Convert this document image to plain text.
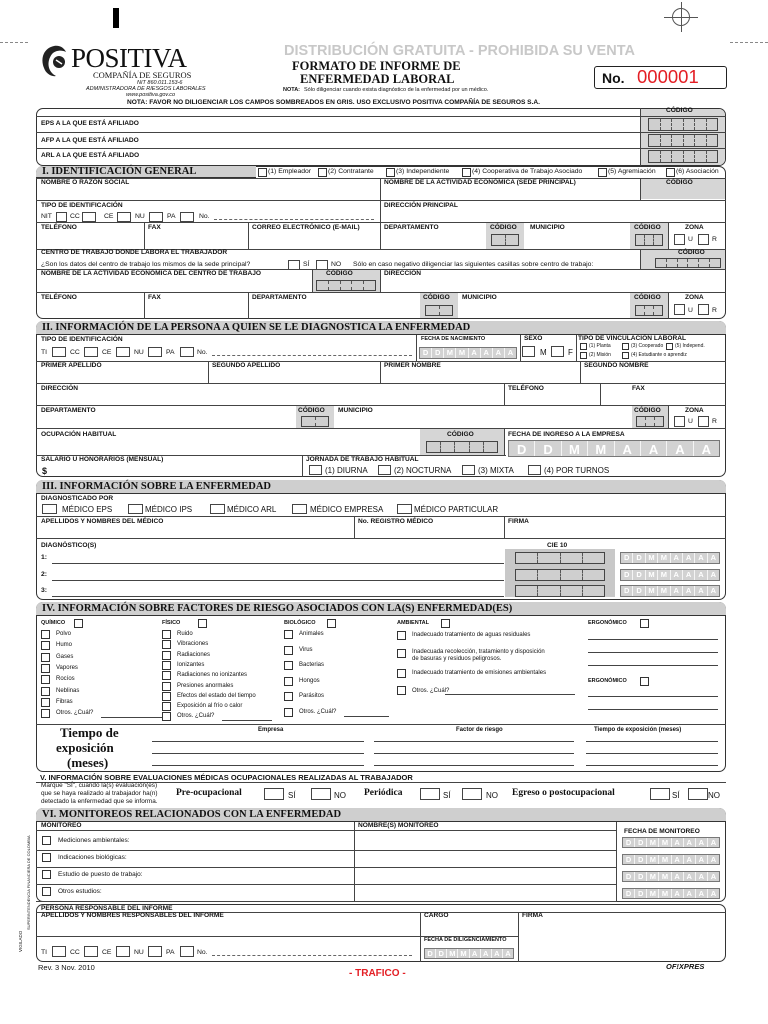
POSITIVA
COMPAÑÍA DE SEGUROS
NIT 860.011.153-6
ADMINISTRADORA DE RIESGOS LABORALES
www.positiva.gov.co
DISTRIBUCIÓN GRATUITA - PROHIBIDA SU VENTA
FORMATO DE INFORME DE
ENFERMEDAD LABORAL
NOTA: Sólo diligenciar cuando exista diagnóstico de la enfermedad por un médico.
No. 000001
NOTA: FAVOR NO DILIGENCIAR LOS CAMPOS SOMBREADOS EN GRIS. USO EXCLUSIVO POSITIVA COMPAÑÍA DE SEGUROS S.A.
CÓDIGO
EPS A LA QUE ESTÁ AFILIADO
AFP A LA QUE ESTÁ AFILIADO
ARL A LA QUE ESTÁ AFILIADO
I. IDENTIFICACIÓN GENERAL	(1) Empleador (2) Contratante	(3) Independiente	(4) Cooperativa de Trabajo Asociado	(5) Agremiación	(6) Asociación
NOMBRE O RAZÓN SOCIAL	NOMBRE DE LA ACTIVIDAD ECONÓMICA (SEDE PRINCIPAL)	CÓDIGO
TIPO DE IDENTIFICACIÓN	DIRECCIÓN PRINCIPAL
NIT	CC	CE	NU	PA	No.
TELÉFONO	FAX	CORREO ELECTRÓNICO (E-MAIL)	DEPARTAMENTO	CÓDIGO MUNICIPIO	CÓDIGO	ZONA
U	R
CENTRO DE TRABAJO DONDE LABORA EL TRABAJADOR	CÓDIGO
¿Son los datos del centro de trabajo los mismos de la sede principal?	SÍ	NO Sólo en caso negativo diligenciar las siguientes casillas sobre centro de trabajo:
NOMBRE DE LA ACTIVIDAD ECONÓMICA DEL CENTRO DE TRABAJO	CÓDIGO	DIRECCIÓN
TELÉFONO	FAX	DEPARTAMENTO	CÓDIGO MUNICIPIO	CÓDIGO	ZONA
U	R
II. INFORMACIÓN DE LA PERSONA A QUIEN SE LE DIAGNOSTICA LA ENFERMEDAD
TIPO DE IDENTIFICACIÓN	FECHA DE NACIMIENTO	SEXO	TIPO DE VINCULACIÓN LABORAL
TI	CC	CE	NU	PA	No.	D D M M A A A A	M	F
(1) Planta	(3) Cooperado (5) Independ.
(2) Misión	(4) Estudiante o aprendiz
PRIMER APELLIDO	SEGUNDO APELLIDO	PRIMER NOMBRE	SEGUNDO NOMBRE
DIRECCIÓN	TELÉFONO	FAX
DEPARTAMENTO	CÓDIGO MUNICIPIO	CÓDIGO	ZONA
U	R
OCUPACIÓN HABITUAL	CÓDIGO	FECHA DE INGRESO A LA EMPRESA
D	D	M	M	A	A	A	A
SALARIO U HONORARIOS (MENSUAL)
$
JORNADA DE TRABAJO HABITUAL
(1) DIURNA	(2) NOCTURNA	(3) MIXTA	(4) POR TURNOS
III. INFORMACIÓN SOBRE LA ENFERMEDAD
DIAGNOSTICADO POR
MÉDICO EPS	MÉDICO IPS	MÉDICO ARL	MÉDICO EMPRESA	MÉDICO PARTICULAR
APELLIDOS Y NOMBRES DEL MÉDICO	No. REGISTRO MÉDICO	FIRMA
DIAGNÓSTICO(S)	CIE 10
1:	D D M M A A A A
2:	D D M M A A A A
3:	D D M M A A A A
IV. INFORMACIÓN SOBRE FACTORES DE RIESGO ASOCIADOS CON LA(S) ENFERMEDAD(ES)
QUÍMICO
Polvo
Humo
Gases
Vapores
Rocíos
Neblinas
Fibras
Otros. ¿Cuál?
FÍSICO
Ruido
Vibraciones
Radiaciones
Ionizantes
Radiaciones no ionizantes
Presiones anormales
Efectos del estado del tiempo
Exposición al frío o calor
Otros. ¿Cuál?
BIOLÓGICO
Animales
Virus
Bacterias
Hongos
Parásitos
Otros. ¿Cuál?
AMBIENTAL
Inadecuado tratamiento de aguas residuales
Inadecuada recolección, tratamiento y disposición
de basuras y residuos peligrosos.
Inadecuado tratamiento de emisiones ambientales
Otros. ¿Cuál?
ERGONÓMICO
ERGONÓMICO
Tiempo de
exposición
(meses)
Empresa	Factor de riesgo	Tiempo de exposición (meses)
V. INFORMACIÓN SOBRE EVALUACIONES MÉDICAS OCUPACIONALES REALIZADAS AL TRABAJADOR
Marque "SÍ", cuando la(s) evaluación(es)
que se haya realizado al trabajador ha(n)
detectado la enfermedad que se informa.
Pre-ocupacional	SÍ	NO Periódica	SÍ	NO Egreso o postocupacional	SÍ	NO
VI. MONITOREOS RELACIONADOS CON LA ENFERMEDAD
MONITOREO	NOMBRE(S) MONITOREO
FECHA DE MONITOREO
Mediciones ambientales:	D D M M A A A A
Indicaciones biológicas:	D D M M A A A A
Estudio de puesto de trabajo:	D D M M A A A A
Otros estudios:	D D M M A A A A
PERSONA RESPONSABLE DEL INFORME
APELLIDOS Y NOMBRES RESPONSABLES DEL INFORME	CARGO	FIRMA
FECHA DE DILIGENCIAMIENTO
D D M M A A A A
TI	CC	CE	NU	PA	No.
VIGILADO
SUPERINTENDENCIA FINANCIERA DE COLOMBIA
Rev. 3 Nov. 2010
- TRAFICO -
OF!XPRES
